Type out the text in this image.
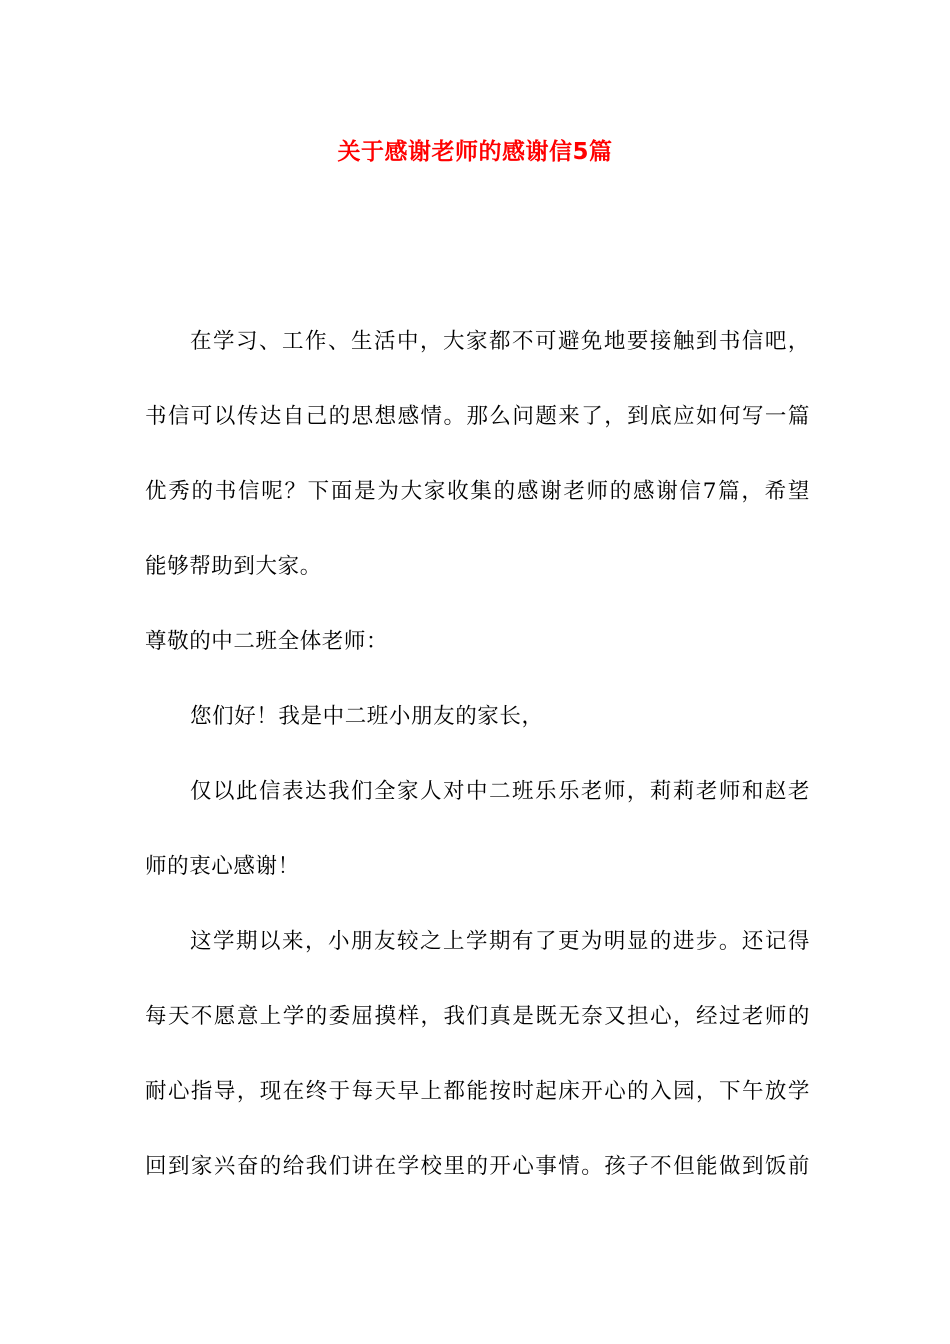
关于感谢老师的感谢信5篇
在学习、工作、生活中，大家都不可避免地要接触到书信吧，
书信可以传达自己的思想感情。那么问题来了，到底应如何写一篇
优秀的书信呢？下面是为大家收集的感谢老师的感谢信7篇，希望
能够帮助到大家。
尊敬的中二班全体老师：
您们好！我是中二班小朋友的家长，
仅以此信表达我们全家人对中二班乐乐老师，莉莉老师和赵老
师的衷心感谢！
这学期以来，小朋友较之上学期有了更为明显的进步。还记得
每天不愿意上学的委屈摸样，我们真是既无奈又担心，经过老师的
耐心指导，现在终于每天早上都能按时起床开心的入园，下午放学
回到家兴奋的给我们讲在学校里的开心事情。孩子不但能做到饭前
